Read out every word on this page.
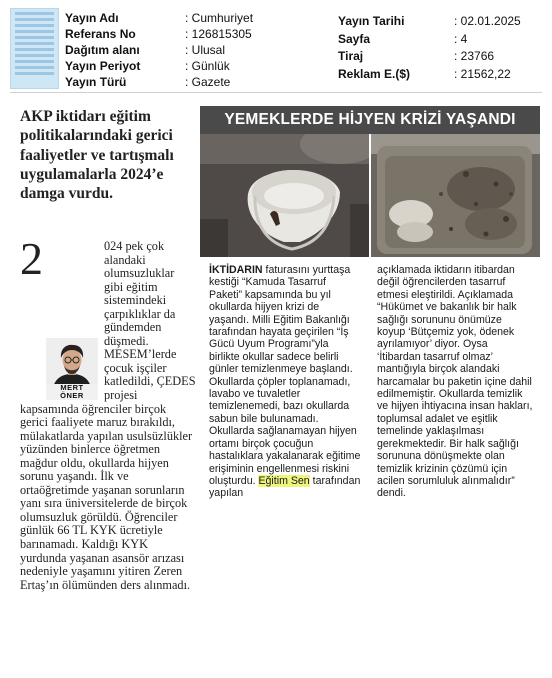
Yayın Adı	: Cumhuriyet
Referans No	: 126815305
Dağıtım alanı	: Ulusal
Yayın Periyot	: Günlük
Yayın Türü	: Gazete
Yayın Tarihi	: 02.01.2025
Sayfa	: 4
Tiraj	: 23766
Reklam E.($)	: 21562,22
AKP iktidarı eğitim politikalarındaki gerici faaliyetler ve tartışmalı uygulamalarla 2024’e damga vurdu.
2
MERT
ÖNER

024 pek çok alandaki olumsuzluklar gibi eğitim sistemindeki çarpıklıklar da gündemden düşmedi. MESEM’lerde çocuk işçiler katledildi, ÇEDES projesi kapsamında öğrenciler birçok gerici faaliyete maruz bırakıldı, mülakatlarda yapılan usulsüzlükler yüzünden binlerce öğretmen mağdur oldu, okullarda hijyen sorunu yaşandı. İlk ve ortaöğretimde yaşanan sorunların yanı sıra üniversitelerde de birçok olumsuzluk görüldü. Öğrenciler günlük 66 TL KYK ücretiyle barınamadı. Kaldığı KYK yurdunda yaşanan asansör arızası nedeniyle yaşamını yitiren Zeren Ertaş’ın ölümünden ders alınmadı.

YEMEKLERDE HİJYEN KRİZİ YAŞANDI

İKTİDARIN faturasını yurttaşa kestiği “Kamuda Tasarruf Paketi” kapsamında bu yıl okullarda hijyen krizi de yaşandı. Milli Eğitim Bakanlığı tarafından hayata geçirilen “İş Gücü Uyum Programı”yla birlikte okullar sadece belirli günler temizlenmeye başlandı. Okullarda çöpler toplanamadı, lavabo ve tuvaletler temizlenemedi, bazı okullarda sabun bile bulunamadı. Okullarda sağlanamayan hijyen ortamı birçok çocuğun hastalıklara yakalanarak eğitime erişiminin engellenmesi riskini oluşturdu. Eğitim Sen tarafından yapılan

açıklamada iktidarın itibardan değil öğrencilerden tasarruf etmesi eleştirildi. Açıklamada “Hükümet ve bakanlık bir halk sağlığı sorununu önümüze koyup ‘Bütçemiz yok, ödenek ayrılamıyor’ diyor. Oysa ‘İtibardan tasarruf olmaz’ mantığıyla birçok alandaki harcamalar bu paketin içine dahil edilmemiştir. Okullarda temizlik ve hijyen ihtiyacına insan hakları, toplumsal adalet ve eşitlik temelinde yaklaşılması gerekmektedir. Bir halk sağlığı sorununa dönüşmekte olan temizlik krizinin çözümü için acilen sorumluluk alınmalıdır” dendi.
